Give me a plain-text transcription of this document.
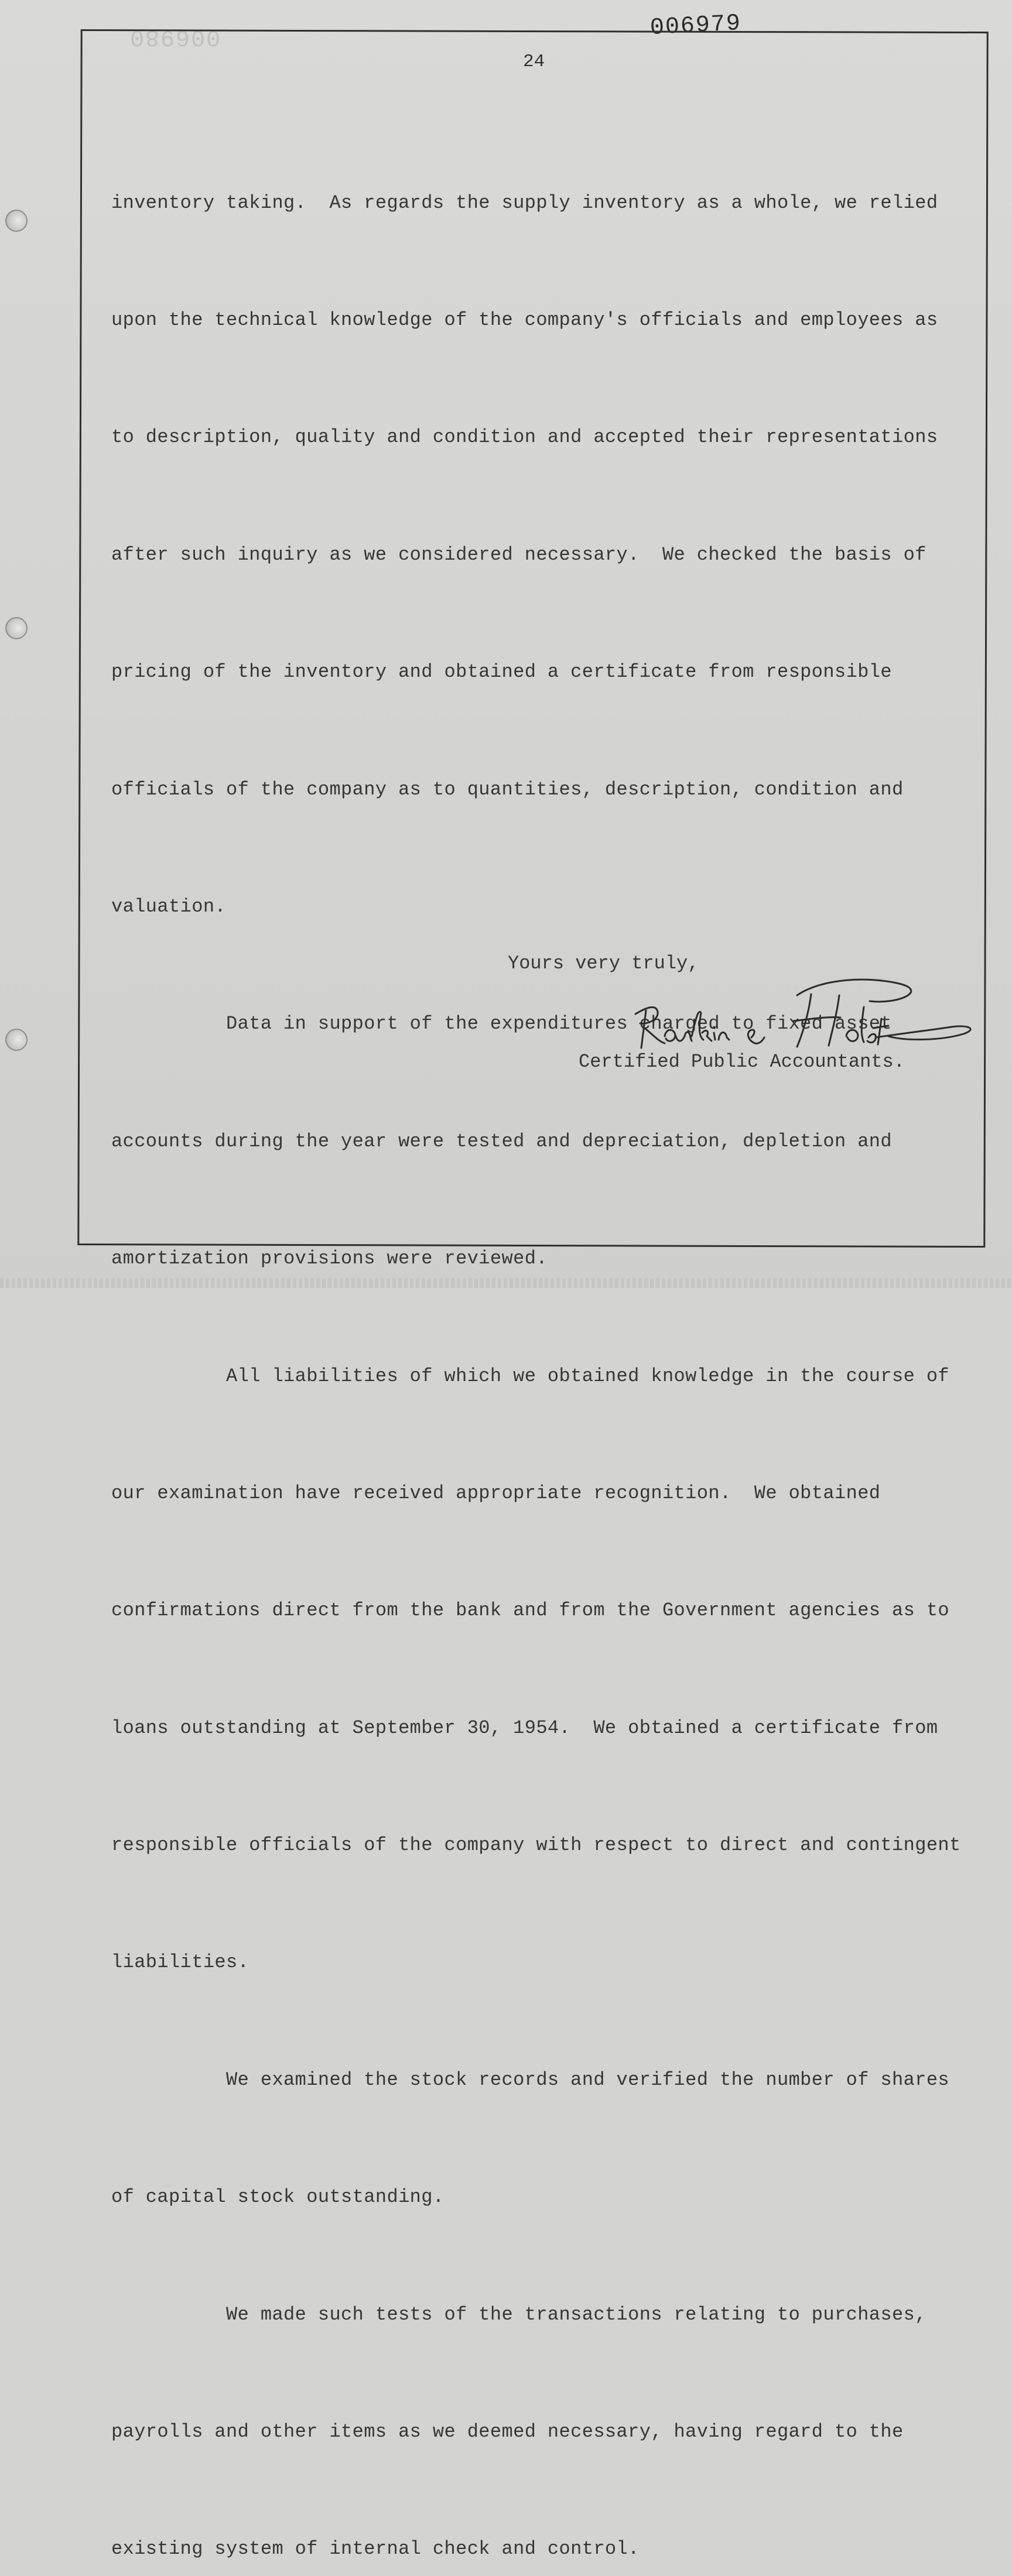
006980	006979
24

inventory taking.  As regards the supply inventory as a whole, we relied

upon the technical knowledge of the company's officials and employees as

to description, quality and condition and accepted their representations

after such inquiry as we considered necessary.  We checked the basis of

pricing of the inventory and obtained a certificate from responsible

officials of the company as to quantities, description, condition and

valuation.

Data in support of the expenditures charged to fixed asset

accounts during the year were tested and depreciation, depletion and

amortization provisions were reviewed.

All liabilities of which we obtained knowledge in the course of

our examination have received appropriate recognition.  We obtained

confirmations direct from the bank and from the Government agencies as to

loans outstanding at September 30, 1954.  We obtained a certificate from

responsible officials of the company with respect to direct and contingent

liabilities.

We examined the stock records and verified the number of shares

of capital stock outstanding.

We made such tests of the transactions relating to purchases,

payrolls and other items as we deemed necessary, having regard to the

existing system of internal check and control.

Yours very truly,
Certified Public Accountants.
